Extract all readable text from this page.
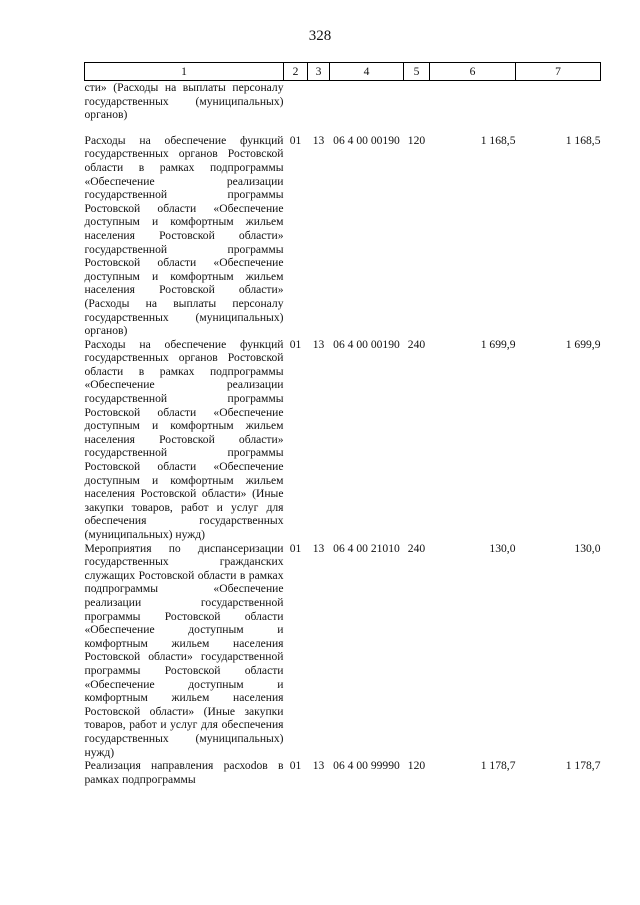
328
1	2	3	4	5	6	7
сти» (Расходы на выплаты персоналу государственных (муниципальных) органов)						
Расходы на обеспечение функций государственных органов Ростовской области в рамках подпрограммы «Обеспечение реализации государственной программы Ростовской области «Обеспечение доступным и комфортным жильем населения Ростовской области» государственной программы Ростовской области «Обеспечение доступным и комфортным жильем населения Ростовской области» (Расходы на выплаты персоналу государственных (муниципальных) органов)	01	13	06 4 00 00190	120	1 168,5	1 168,5
Расходы на обеспечение функций государственных органов Ростовской области в рамках подпрограммы «Обеспечение реализации государственной программы Ростовской области «Обеспечение доступным и комфортным жильем населения Ростовской области» государственной программы Ростовской области «Обеспечение доступным и комфортным жильем населения Ростовской области» (Иные закупки товаров, работ и услуг для обеспечения государственных (муниципальных) нужд)	01	13	06 4 00 00190	240	1 699,9	1 699,9
Мероприятия по диспансеризации государственных гражданских служащих Ростовской области в рамках подпрограммы «Обеспечение реализации государственной программы Ростовской области «Обеспечение доступным и комфортным жильем населения Ростовской области» государственной программы Ростовской области «Обеспечение доступным и комфортным жильем населения Ростовской области» (Иные закупки товаров, работ и услуг для обеспечения государственных (муниципальных) нужд)	01	13	06 4 00 21010	240	130,0	130,0
Реализация направления расхоdов в рамках подпрограммы	01	13	06 4 00 99990	120	1 178,7	1 178,7
